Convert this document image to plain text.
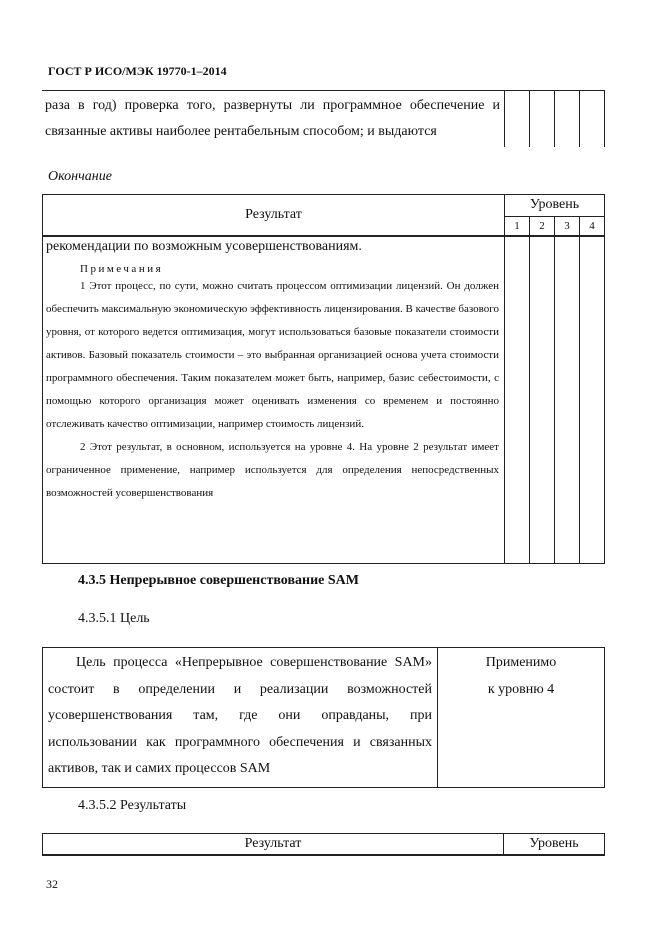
ГОСТ Р ИСО/МЭК 19770-1–2014
раза в год) проверка того, развернуты ли программное обеспечение и связанные активы наиболее рентабельным способом; и выдаются				
Окончание
Результат	Уровень			
	1	2	3	4

рекомендации по возможным усовершенствованиям.
Примечания

1 Этот процесс, по сути, можно считать процессом оптимизации лицензий. Он должен обеспечить максимальную экономическую эффективность лицензирования. В качестве базового уровня, от которого ведется оптимизация, могут использоваться базовые показатели стоимости активов. Базовый показатель стоимости – это выбранная организацией основа учета стоимости программного обеспечения. Таким показателем может быть, например, базис себестоимости, с помощью которого организация может оценивать изменения со временем и постоянно отслеживать качество оптимизации, например стоимость лицензий.

2 Этот результат, в основном, используется на уровне 4. На уровне 2 результат имеет ограниченное применение, например используется для определения непосредственных возможностей усовершенствования				

4.3.5 Непрерывное совершенствование SAM
4.3.5.1 Цель

Цель процесса «Непрерывное совершенствование SAM» состоит в определении и реализации возможностей усовершенствования там, где они оправданы, при использовании как программного обеспечения и связанных активов, так и самих процессов SAM

Применимо
к уровню 4
4.3.5.2 Результаты
Результат	Уровень
32
